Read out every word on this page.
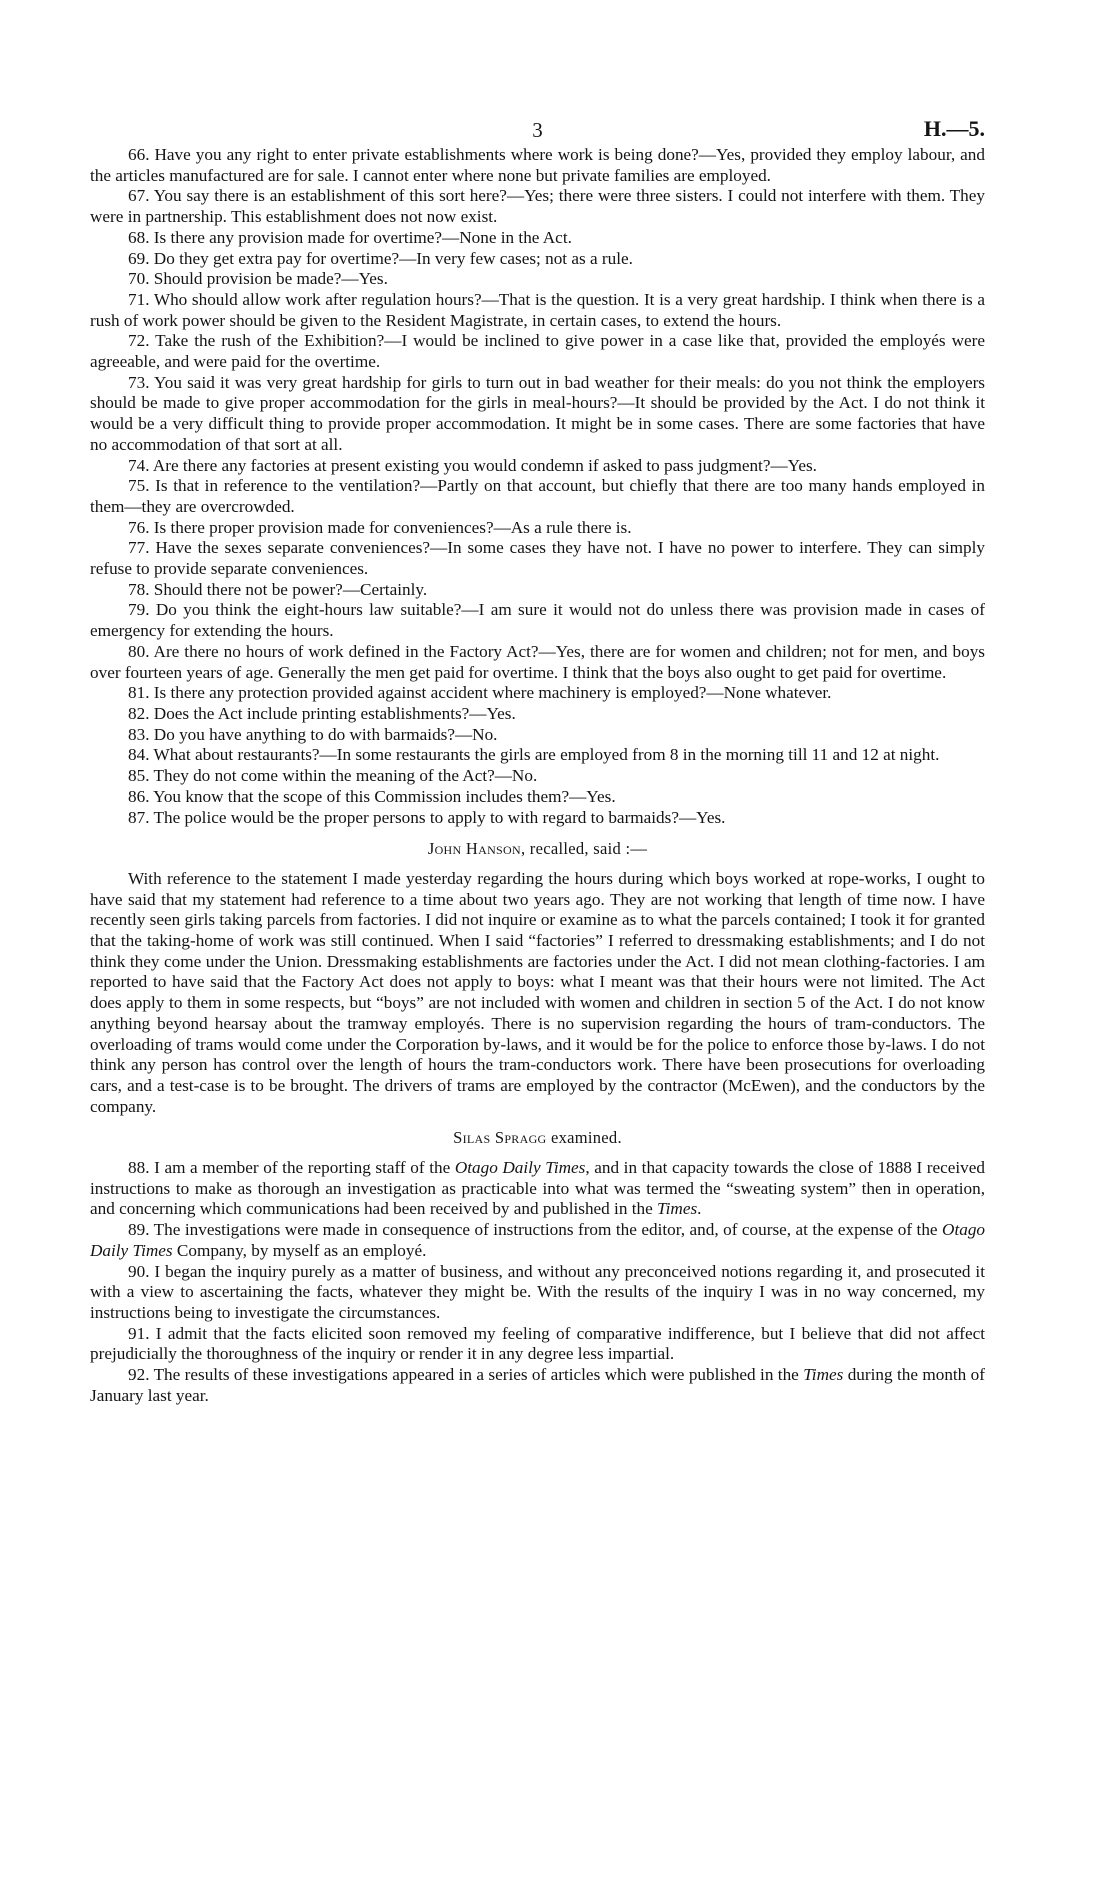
3	H.—5.

66. Have you any right to enter private establishments where work is being done?—Yes, provided they employ labour, and the articles manufactured are for sale. I cannot enter where none but private families are employed.

67. You say there is an establishment of this sort here?—Yes; there were three sisters. I could not interfere with them. They were in partnership. This establishment does not now exist.

68. Is there any provision made for overtime?—None in the Act.

69. Do they get extra pay for overtime?—In very few cases; not as a rule.

70. Should provision be made?—Yes.

71. Who should allow work after regulation hours?—That is the question. It is a very great hardship. I think when there is a rush of work power should be given to the Resident Magistrate, in certain cases, to extend the hours.

72. Take the rush of the Exhibition?—I would be inclined to give power in a case like that, provided the employés were agreeable, and were paid for the overtime.

73. You said it was very great hardship for girls to turn out in bad weather for their meals: do you not think the employers should be made to give proper accommodation for the girls in meal-hours?—It should be provided by the Act. I do not think it would be a very difficult thing to provide proper accommodation. It might be in some cases. There are some factories that have no accommodation of that sort at all.

74. Are there any factories at present existing you would condemn if asked to pass judgment?—Yes.

75. Is that in reference to the ventilation?—Partly on that account, but chiefly that there are too many hands employed in them—they are overcrowded.

76. Is there proper provision made for conveniences?—As a rule there is.

77. Have the sexes separate conveniences?—In some cases they have not. I have no power to interfere. They can simply refuse to provide separate conveniences.

78. Should there not be power?—Certainly.

79. Do you think the eight-hours law suitable?—I am sure it would not do unless there was provision made in cases of emergency for extending the hours.

80. Are there no hours of work defined in the Factory Act?—Yes, there are for women and children; not for men, and boys over fourteen years of age. Generally the men get paid for overtime. I think that the boys also ought to get paid for overtime.

81. Is there any protection provided against accident where machinery is employed?—None whatever.

82. Does the Act include printing establishments?—Yes.

83. Do you have anything to do with barmaids?—No.

84. What about restaurants?—In some restaurants the girls are employed from 8 in the morning till 11 and 12 at night.

85. They do not come within the meaning of the Act?—No.

86. You know that the scope of this Commission includes them?—Yes.

87. The police would be the proper persons to apply to with regard to barmaids?—Yes.

John Hanson, recalled, said :—

With reference to the statement I made yesterday regarding the hours during which boys worked at rope-works, I ought to have said that my statement had reference to a time about two years ago. They are not working that length of time now. I have recently seen girls taking parcels from factories. I did not inquire or examine as to what the parcels contained; I took it for granted that the taking-home of work was still continued. When I said “factories” I referred to dressmaking establishments; and I do not think they come under the Union. Dressmaking establishments are factories under the Act. I did not mean clothing-factories. I am reported to have said that the Factory Act does not apply to boys: what I meant was that their hours were not limited. The Act does apply to them in some respects, but “boys” are not included with women and children in section 5 of the Act. I do not know anything beyond hearsay about the tramway employés. There is no supervision regarding the hours of tram-conductors. The overloading of trams would come under the Corporation by-laws, and it would be for the police to enforce those by-laws. I do not think any person has control over the length of hours the tram-conductors work. There have been prosecutions for overloading cars, and a test-case is to be brought. The drivers of trams are employed by the contractor (McEwen), and the conductors by the company.

Silas Spragg examined.

88. I am a member of the reporting staff of the Otago Daily Times, and in that capacity towards the close of 1888 I received instructions to make as thorough an investigation as practicable into what was termed the “sweating system” then in operation, and concerning which communications had been received by and published in the Times.

89. The investigations were made in consequence of instructions from the editor, and, of course, at the expense of the Otago Daily Times Company, by myself as an employé.

90. I began the inquiry purely as a matter of business, and without any preconceived notions regarding it, and prosecuted it with a view to ascertaining the facts, whatever they might be. With the results of the inquiry I was in no way concerned, my instructions being to investigate the circumstances.

91. I admit that the facts elicited soon removed my feeling of comparative indifference, but I believe that did not affect prejudicially the thoroughness of the inquiry or render it in any degree less impartial.

92. The results of these investigations appeared in a series of articles which were published in the Times during the month of January last year.
